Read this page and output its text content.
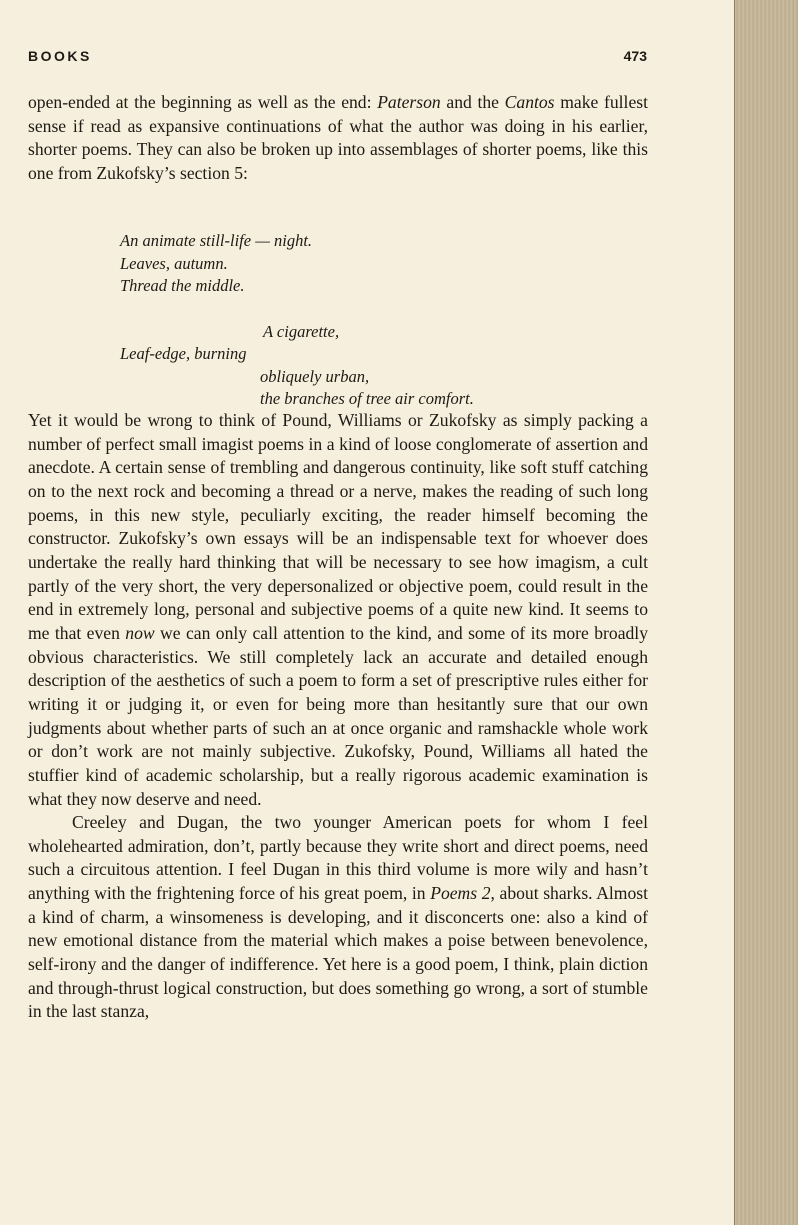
BOOKS	473

open-ended at the beginning as well as the end: Paterson and the Cantos make fullest sense if read as expansive continuations of what the author was doing in his earlier, shorter poems. They can also be broken up into assemblages of shorter poems, like this one from Zukofsky’s section 5:

An animate still-life — night.
Leaves, autumn.
Thread the middle.
A cigarette,
Leaf-edge, burning
obliquely urban,
the branches of tree air comfort.

Yet it would be wrong to think of Pound, Williams or Zukofsky as simply packing a number of perfect small imagist poems in a kind of loose conglomerate of assertion and anecdote. A certain sense of trembling and dangerous continuity, like soft stuff catching on to the next rock and becoming a thread or a nerve, makes the reading of such long poems, in this new style, peculiarly exciting, the reader himself becoming the constructor. Zukofsky’s own essays will be an indispensable text for whoever does undertake the really hard thinking that will be necessary to see how imagism, a cult partly of the very short, the very depersonalized or objective poem, could result in the end in extremely long, personal and subjective poems of a quite new kind. It seems to me that even now we can only call attention to the kind, and some of its more broadly obvious characteristics. We still completely lack an accurate and detailed enough description of the aesthetics of such a poem to form a set of prescriptive rules either for writing it or judging it, or even for being more than hesitantly sure that our own judgments about whether parts of such an at once organic and ramshackle whole work or don’t work are not mainly subjective. Zukofsky, Pound, Williams all hated the stuffier kind of academic scholarship, but a really rigorous academic examination is what they now deserve and need.

Creeley and Dugan, the two younger American poets for whom I feel wholehearted admiration, don’t, partly because they write short and direct poems, need such a circuitous attention. I feel Dugan in this third volume is more wily and hasn’t anything with the frightening force of his great poem, in Poems 2, about sharks. Almost a kind of charm, a winsomeness is developing, and it disconcerts one: also a kind of new emotional distance from the material which makes a poise between benevolence, self-irony and the danger of indifference. Yet here is a good poem, I think, plain diction and through-thrust logical construction, but does something go wrong, a sort of stumble in the last stanza,
